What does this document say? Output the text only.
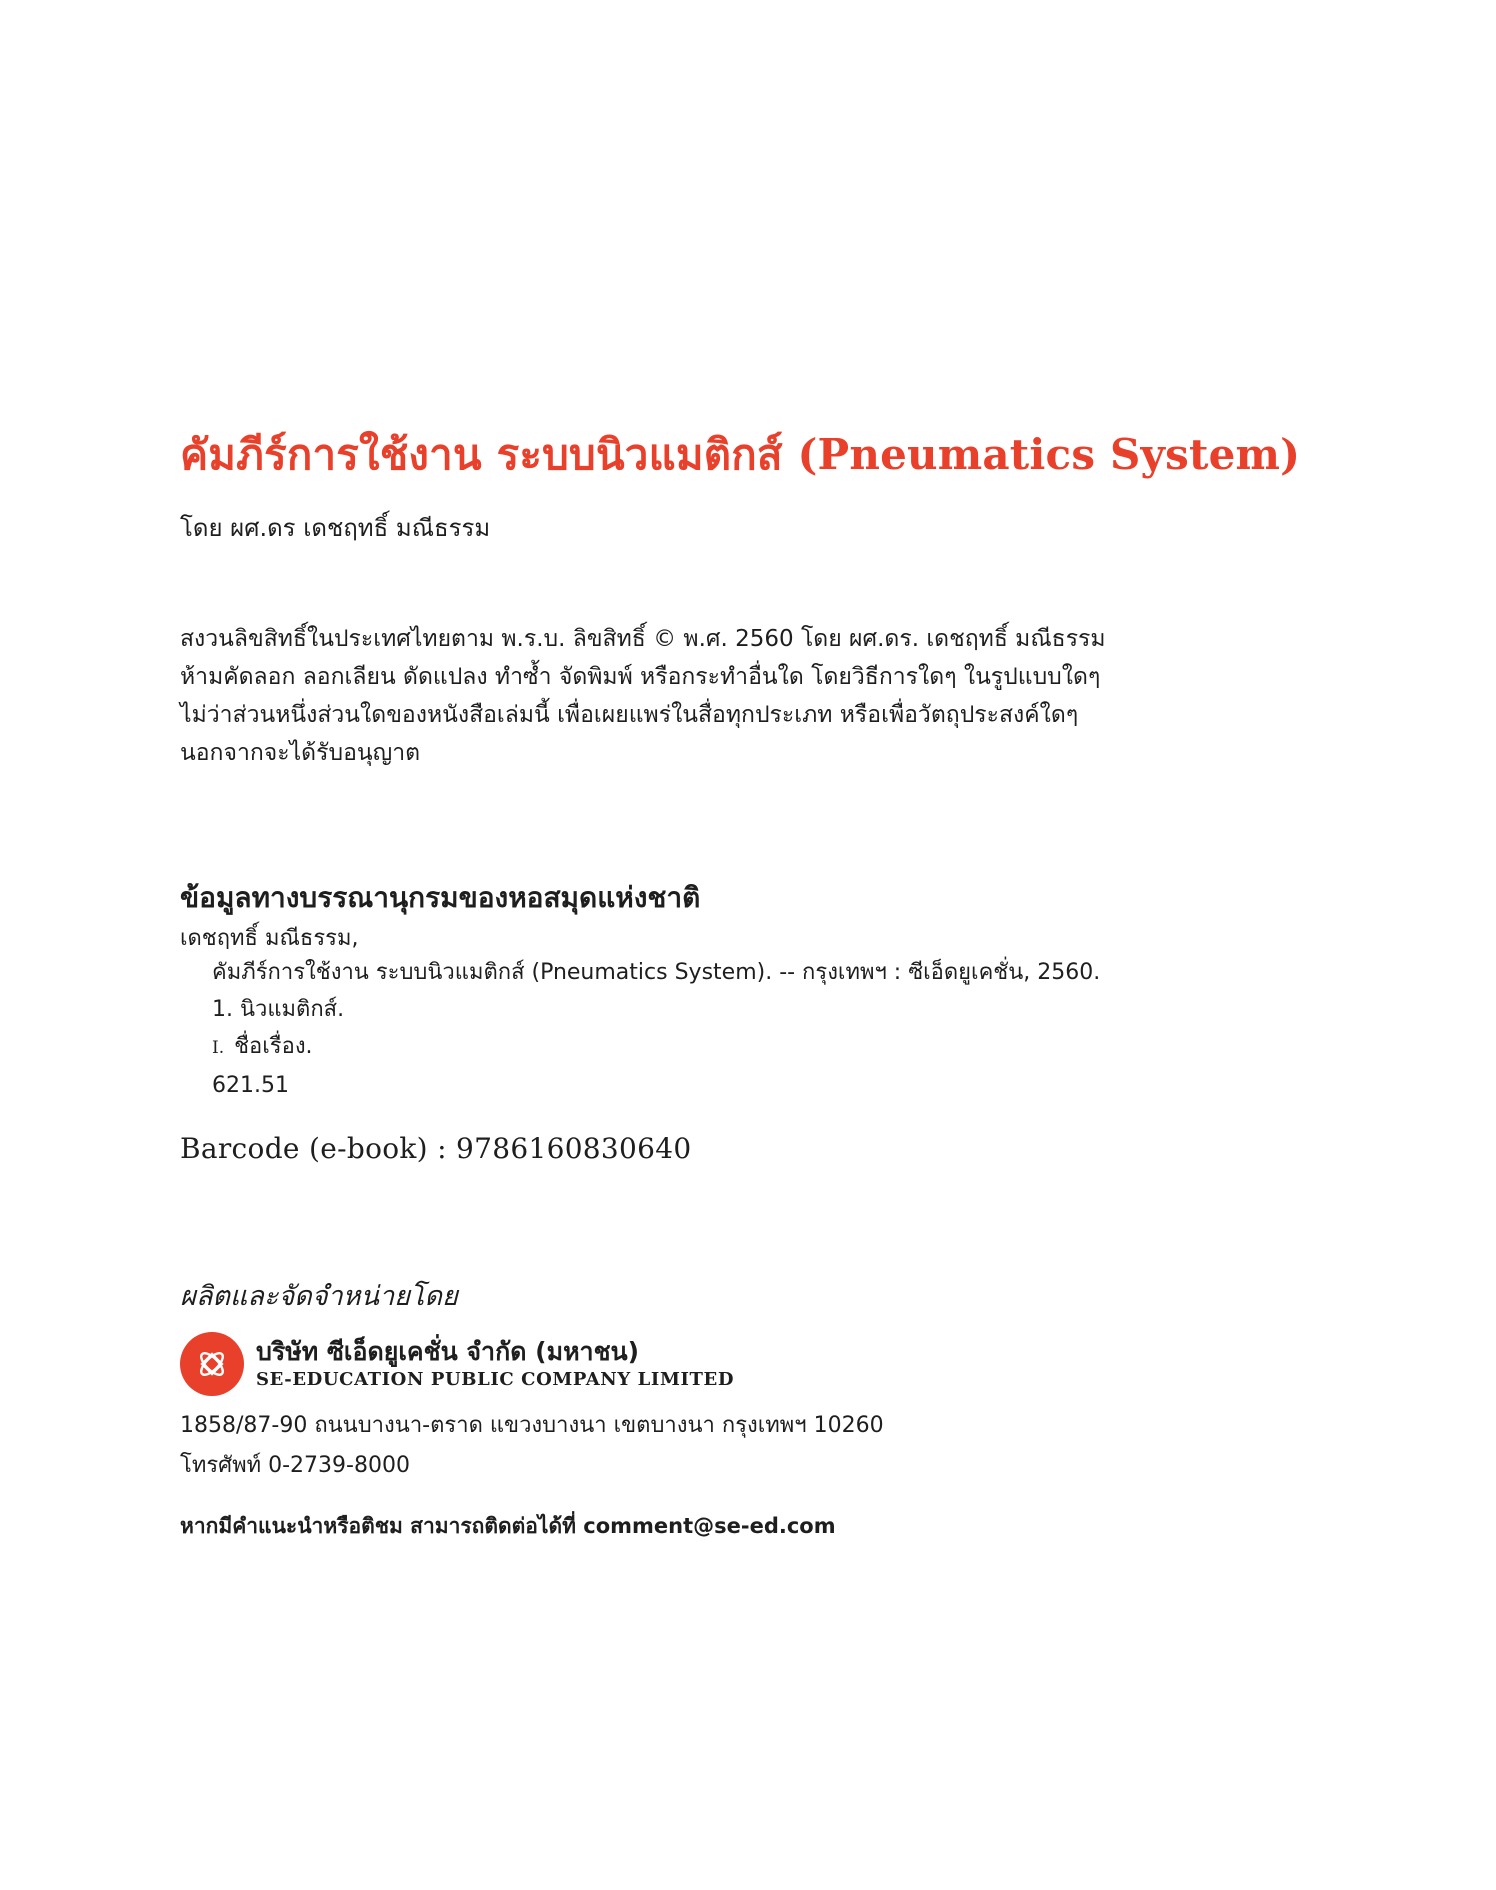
คัมภีร์การใช้งาน ระบบนิวแมติกส์ (Pneumatics System)
โดย ผศ.ดร เดชฤทธิ์ มณีธรรม
สงวนลิขสิทธิ์ในประเทศไทยตาม พ.ร.บ. ลิขสิทธิ์ © พ.ศ. 2560 โดย ผศ.ดร. เดชฤทธิ์ มณีธรรม
ห้ามคัดลอก ลอกเลียน ดัดแปลง ทำซ้ำ จัดพิมพ์ หรือกระทำอื่นใด โดยวิธีการใดๆ ในรูปแบบใดๆ
ไม่ว่าส่วนหนึ่งส่วนใดของหนังสือเล่มนี้ เพื่อเผยแพร่ในสื่อทุกประเภท หรือเพื่อวัตถุประสงค์ใดๆ
นอกจากจะได้รับอนุญาต
ข้อมูลทางบรรณานุกรมของหอสมุดแห่งชาติ
เดชฤทธิ์ มณีธรรม,
คัมภีร์การใช้งาน ระบบนิวแมติกส์ (Pneumatics System). -- กรุงเทพฯ : ซีเอ็ดยูเคชั่น, 2560.
1. นิวแมติกส์.
I. ชื่อเรื่อง.
621.51
Barcode (e-book) : 9786160830640
ผลิตและจัดจำหน่ายโดย
บริษัท ซีเอ็ดยูเคชั่น จำกัด (มหาชน)
SE-EDUCATION PUBLIC COMPANY LIMITED
1858/87-90 ถนนบางนา-ตราด แขวงบางนา เขตบางนา กรุงเทพฯ 10260
โทรศัพท์ 0-2739-8000
หากมีคำแนะนำหรือติชม สามารถติดต่อได้ที่ comment@se-ed.com
